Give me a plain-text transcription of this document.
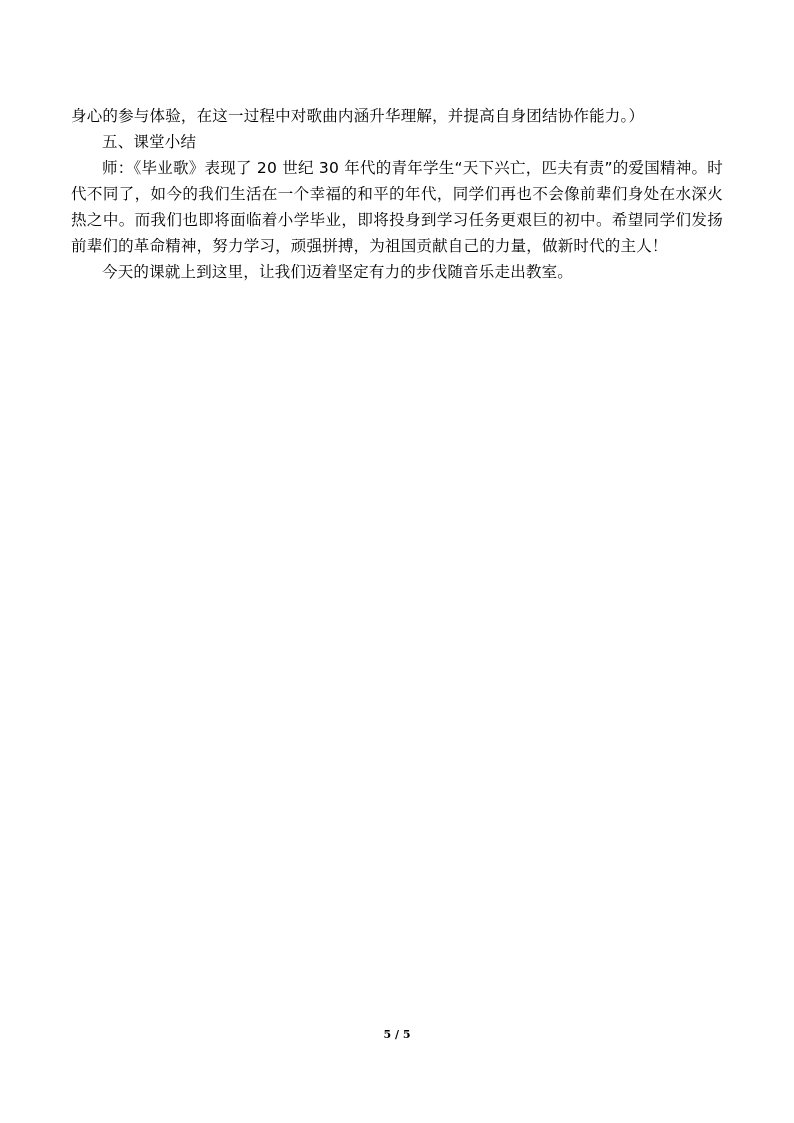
身心的参与体验，在这一过程中对歌曲内涵升华理解，并提高自身团结协作能力。）

五、课堂小结

师：《毕业歌》表现了 20 世纪 30 年代的青年学生“天下兴亡，匹夫有责”的爱国精神。时代不同了，如今的我们生活在一个幸福的和平的年代，同学们再也不会像前辈们身处在水深火热之中。而我们也即将面临着小学毕业，即将投身到学习任务更艰巨的初中。希望同学们发扬前辈们的革命精神，努力学习，顽强拼搏，为祖国贡献自己的力量，做新时代的主人！

今天的课就上到这里，让我们迈着坚定有力的步伐随音乐走出教室。

5 / 5
